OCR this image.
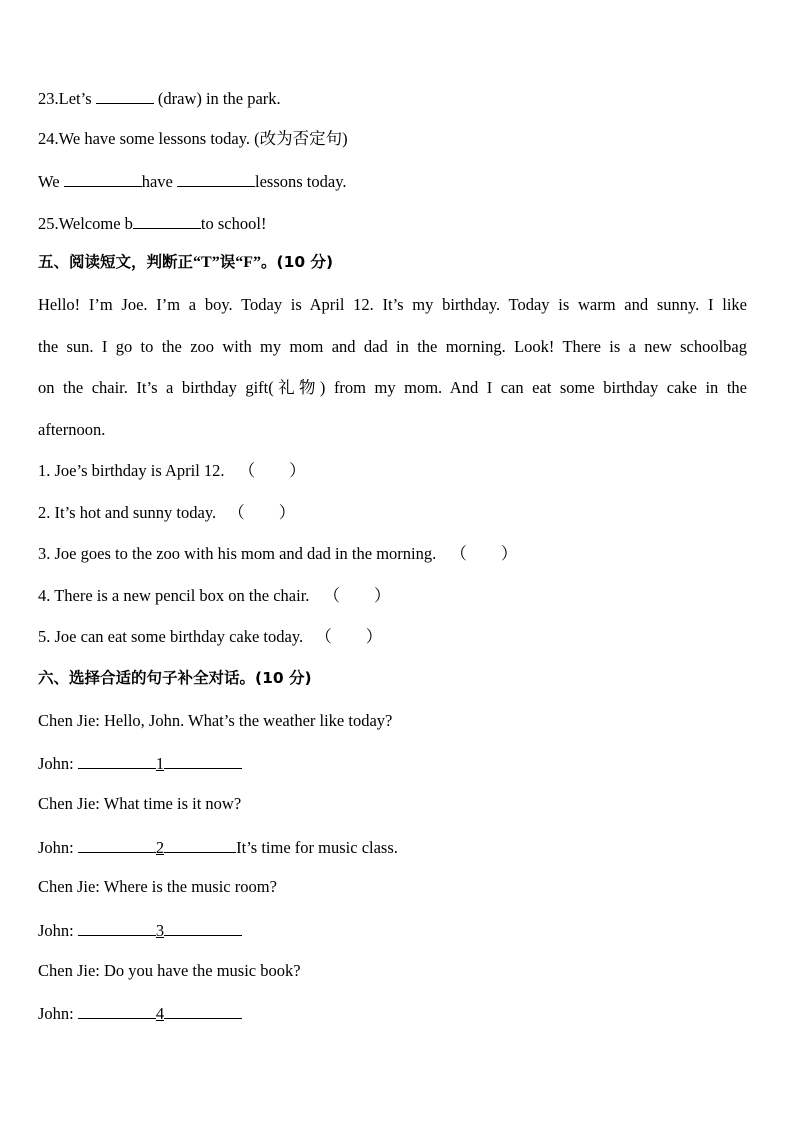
23.Let’s	(draw) in the park.
24.We have some lessons today. (改为否定句)
We	have	lessons today.
25.Welcome b	to school!
五、阅读短文，判断正“T”误“F”。(10 分)
Hello! I’m Joe. I’m a boy. Today is April 12. It’s my birthday. Today is warm and sunny. I like
the sun. I go to the zoo with my mom and dad in the morning. Look! There is a new schoolbag
on the chair. It’s a birthday gift(礼物) from my mom. And I can eat some birthday cake in the
afternoon.
1. Joe’s birthday is April 12. （ ）
2. It’s hot and sunny today. （ ）
3. Joe goes to the zoo with his mom and dad in the morning. （ ）
4. There is a new pencil box on the chair. （ ）
5. Joe can eat some birthday cake today. （ ）
六、选择合适的句子补全对话。(10 分)
Chen Jie: Hello, John. What’s the weather like today?
John:	1
Chen Jie: What time is it now?
John:	2	It’s time for music class.
Chen Jie: Where is the music room?
John:	3
Chen Jie: Do you have the music book?
John:	4
